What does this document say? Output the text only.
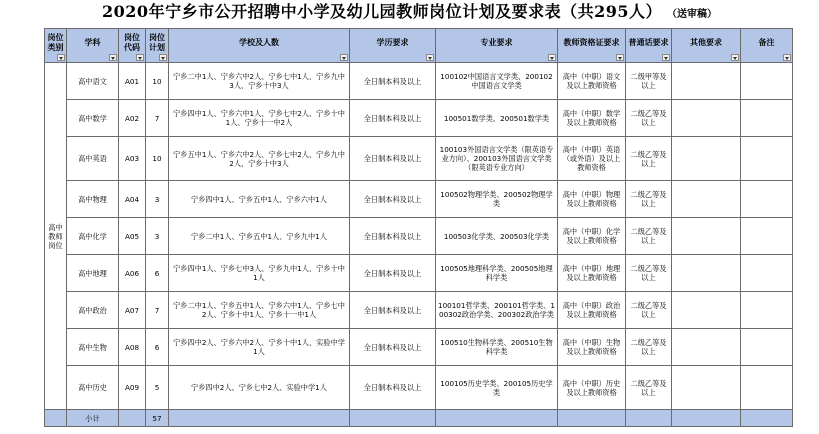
2020年宁乡市公开招聘中小学及幼儿园教师岗位计划及要求表（共295人） （送审稿）
岗位类别	学科	岗位代码	岗位计划	学校及人数	学历要求	专业要求	教师资格证要求	普通话要求	其他要求	备注

高中教师岗位	高中语文	A01	10	宁乡二中1人、宁乡六中2人、宁乡七中1人、宁乡九中3人、宁乡十中3人	全日制本科及以上	100102中国语言文学类、200102中国语言文学类	高中（中职）语文及以上教师资格	二级甲等及以上		
	高中数学	A02	7	宁乡四中1人、宁乡六中1人、宁乡七中2人、宁乡十中1人、宁乡十一中2人	全日制本科及以上	100501数学类、200501数学类	高中（中职）数学及以上教师资格	二级乙等及以上		
	高中英语	A03	10	宁乡五中1人、宁乡六中2人、宁乡七中2人、宁乡九中2人、宁乡十中3人	全日制本科及以上	100103外国语言文学类（限英语专业方向）、200103外国语言文学类（限英语专业方向）	高中（中职）英语（或外语）及以上教师资格	二级乙等及以上		
	高中物理	A04	3	宁乡四中1人、宁乡五中1人、宁乡六中1人	全日制本科及以上	100502物理学类、200502物理学类	高中（中职）物理及以上教师资格	二级乙等及以上		
	高中化学	A05	3	宁乡二中1人、宁乡五中1人、宁乡九中1人	全日制本科及以上	100503化学类、200503化学类	高中（中职）化学及以上教师资格	二级乙等及以上		
	高中地理	A06	6	宁乡四中1人、宁乡七中3人、宁乡九中1人、宁乡十中1人	全日制本科及以上	100505地理科学类、200505地理科学类	高中（中职）地理及以上教师资格	二级乙等及以上		
	高中政治	A07	7	宁乡二中1人、宁乡五中1人、宁乡六中1人、宁乡七中2人、宁乡十中1人、宁乡十一中1人	全日制本科及以上	100101哲学类、200101哲学类、100302政治学类、200302政治学类	高中（中职）政治及以上教师资格	二级乙等及以上		
	高中生物	A08	6	宁乡四中2人、宁乡六中2人、宁乡十中1人、实验中学1人	全日制本科及以上	100510生物科学类、200510生物科学类	高中（中职）生物及以上教师资格	二级乙等及以上		
	高中历史	A09	5	宁乡四中2人、宁乡七中2人、实验中学1人	全日制本科及以上	100105历史学类、200105历史学类	高中（中职）历史及以上教师资格	二级乙等及以上		
	小计		57							
